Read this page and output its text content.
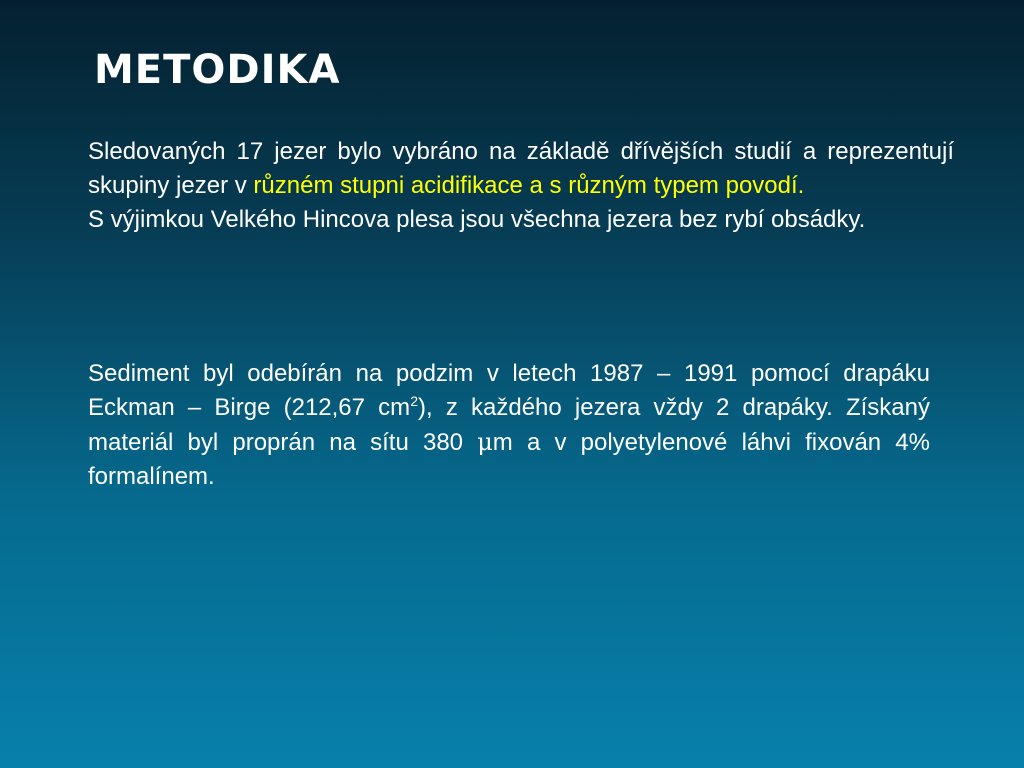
METODIKA

Sledovaných 17 jezer bylo vybráno na základě dřívějších studií a reprezentují skupiny jezer v různém stupni acidifikace a s různým typem povodí.

S výjimkou Velkého Hincova plesa jsou všechna jezera bez rybí obsádky.

Sediment byl odebírán na podzim v letech 1987 – 1991 pomocí drapáku Eckman – Birge (212,67 $cm^2$), z každého jezera vždy 2 drapáky. Získaný materiál byl proprán na sítu 380 μm a v polyetylenové láhvi fixován 4% formalínem.
